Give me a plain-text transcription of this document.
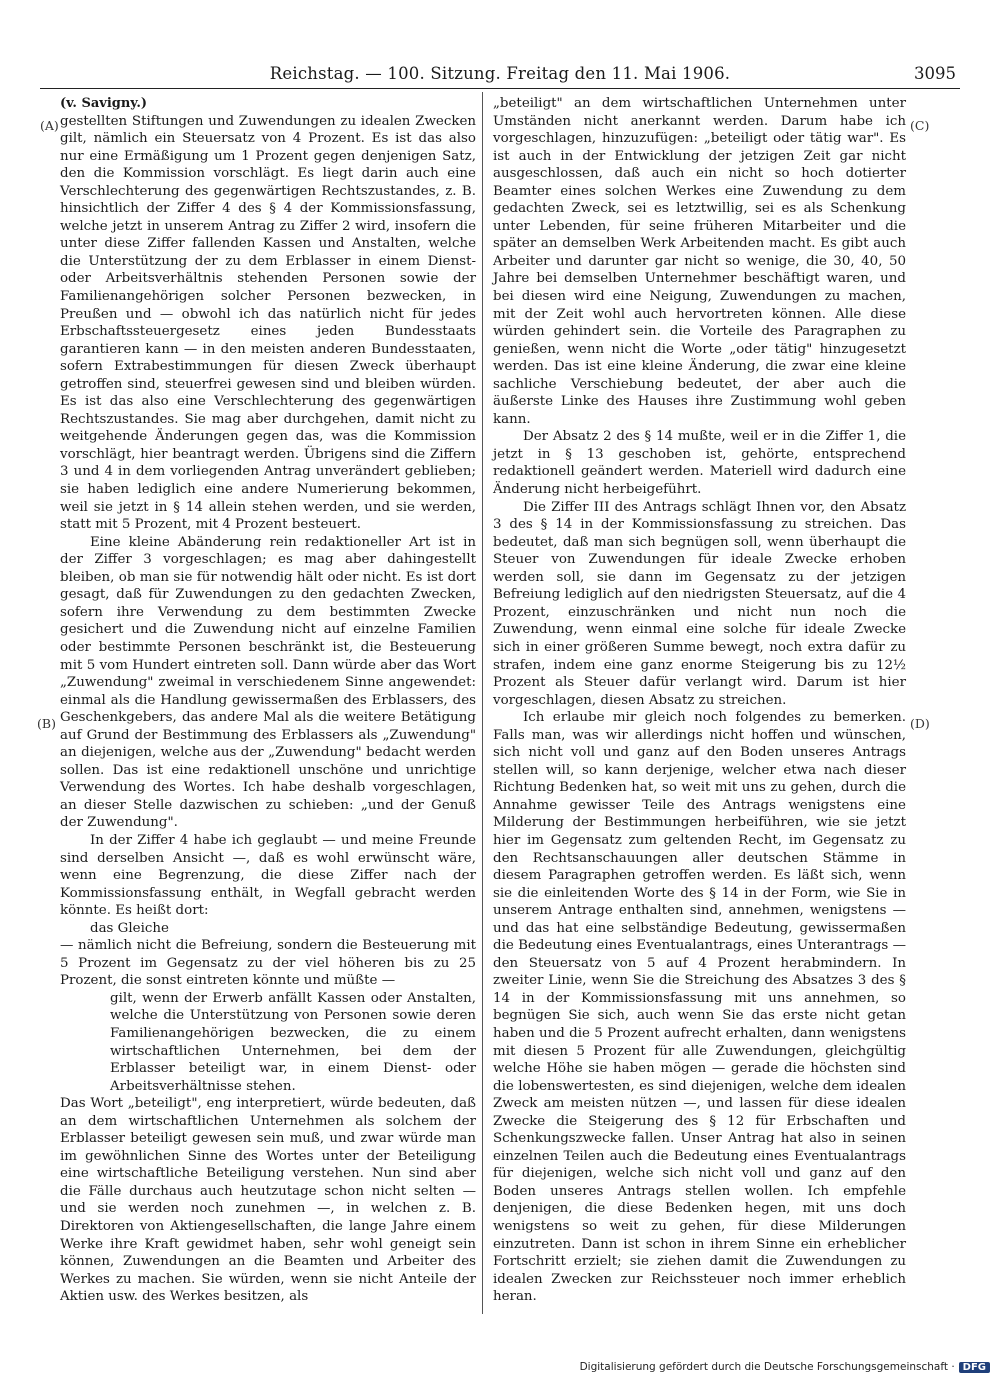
Reichstag. — 100. Sitzung. Freitag den 11. Mai 1906.	3095
(A)
(B)
(C)
(D)

(v. Savigny.)

gestellten Stiftungen und Zuwendungen zu idealen Zwecken gilt, nämlich ein Steuersatz von 4 Prozent. Es ist das also nur eine Ermäßigung um 1 Prozent gegen denjenigen Satz, den die Kommission vorschlägt. Es liegt darin auch eine Verschlechterung des gegenwärtigen Rechtszustandes, z. B. hinsichtlich der Ziffer 4 des § 4 der Kommissionsfassung, welche jetzt in unserem Antrag zu Ziffer 2 wird, insofern die unter diese Ziffer fallenden Kassen und Anstalten, welche die Unterstützung der zu dem Erblasser in einem Dienst- oder Arbeitsverhältnis stehenden Personen sowie der Familienangehörigen solcher Personen bezwecken, in Preußen und — obwohl ich das natürlich nicht für jedes Erbschaftssteuergesetz eines jeden Bundesstaats garantieren kann — in den meisten anderen Bundesstaaten, sofern Extrabestimmungen für diesen Zweck überhaupt getroffen sind, steuerfrei gewesen sind und bleiben würden. Es ist das also eine Verschlechterung des gegenwärtigen Rechtszustandes. Sie mag aber durchgehen, damit nicht zu weitgehende Änderungen gegen das, was die Kommission vorschlägt, hier beantragt werden. Übrigens sind die Ziffern 3 und 4 in dem vorliegenden Antrag unverändert geblieben; sie haben lediglich eine andere Numerierung bekommen, weil sie jetzt in § 14 allein stehen werden, und sie werden, statt mit 5 Prozent, mit 4 Prozent besteuert.

Eine kleine Abänderung rein redaktioneller Art ist in der Ziffer 3 vorgeschlagen; es mag aber dahingestellt bleiben, ob man sie für notwendig hält oder nicht. Es ist dort gesagt, daß für Zuwendungen zu den gedachten Zwecken, sofern ihre Verwendung zu dem bestimmten Zwecke gesichert und die Zuwendung nicht auf einzelne Familien oder bestimmte Personen beschränkt ist, die Besteuerung mit 5 vom Hundert eintreten soll. Dann würde aber das Wort „Zuwendung" zweimal in verschiedenem Sinne angewendet: einmal als die Handlung gewissermaßen des Erblassers, des Geschenkgebers, das andere Mal als die weitere Betätigung auf Grund der Bestimmung des Erblassers als „Zuwendung" an diejenigen, welche aus der „Zuwendung" bedacht werden sollen. Das ist eine redaktionell unschöne und unrichtige Verwendung des Wortes. Ich habe deshalb vorgeschlagen, an dieser Stelle dazwischen zu schieben: „und der Genuß der Zuwendung".

In der Ziffer 4 habe ich geglaubt — und meine Freunde sind derselben Ansicht —, daß es wohl erwünscht wäre, wenn eine Begrenzung, die diese Ziffer nach der Kommissionsfassung enthält, in Wegfall gebracht werden könnte. Es heißt dort:

das Gleiche

— nämlich nicht die Befreiung, sondern die Besteuerung mit 5 Prozent im Gegensatz zu der viel höheren bis zu 25 Prozent, die sonst eintreten könnte und müßte —

gilt, wenn der Erwerb anfällt Kassen oder Anstalten, welche die Unterstützung von Personen sowie deren Familienangehörigen bezwecken, die zu einem wirtschaftlichen Unternehmen, bei dem der Erblasser beteiligt war, in einem Dienst- oder Arbeitsverhältnisse stehen.

Das Wort „beteiligt", eng interpretiert, würde bedeuten, daß an dem wirtschaftlichen Unternehmen als solchem der Erblasser beteiligt gewesen sein muß, und zwar würde man im gewöhnlichen Sinne des Wortes unter der Beteiligung eine wirtschaftliche Beteiligung verstehen. Nun sind aber die Fälle durchaus auch heutzutage schon nicht selten — und sie werden noch zunehmen —, in welchen z. B. Direktoren von Aktiengesellschaften, die lange Jahre einem Werke ihre Kraft gewidmet haben, sehr wohl geneigt sein können, Zuwendungen an die Beamten und Arbeiter des Werkes zu machen. Sie würden, wenn sie nicht Anteile der Aktien usw. des Werkes besitzen, als

„beteiligt" an dem wirtschaftlichen Unternehmen unter Umständen nicht anerkannt werden. Darum habe ich vorgeschlagen, hinzuzufügen: „beteiligt oder tätig war". Es ist auch in der Entwicklung der jetzigen Zeit gar nicht ausgeschlossen, daß auch ein nicht so hoch dotierter Beamter eines solchen Werkes eine Zuwendung zu dem gedachten Zweck, sei es letztwillig, sei es als Schenkung unter Lebenden, für seine früheren Mitarbeiter und die später an demselben Werk Arbeitenden macht. Es gibt auch Arbeiter und darunter gar nicht so wenige, die 30, 40, 50 Jahre bei demselben Unternehmer beschäftigt waren, und bei diesen wird eine Neigung, Zuwendungen zu machen, mit der Zeit wohl auch hervortreten können. Alle diese würden gehindert sein. die Vorteile des Paragraphen zu genießen, wenn nicht die Worte „oder tätig" hinzugesetzt werden. Das ist eine kleine Änderung, die zwar eine kleine sachliche Verschiebung bedeutet, der aber auch die äußerste Linke des Hauses ihre Zustimmung wohl geben kann.

Der Absatz 2 des § 14 mußte, weil er in die Ziffer 1, die jetzt in § 13 geschoben ist, gehörte, entsprechend redaktionell geändert werden. Materiell wird dadurch eine Änderung nicht herbeigeführt.

Die Ziffer III des Antrags schlägt Ihnen vor, den Absatz 3 des § 14 in der Kommissionsfassung zu streichen. Das bedeutet, daß man sich begnügen soll, wenn überhaupt die Steuer von Zuwendungen für ideale Zwecke erhoben werden soll, sie dann im Gegensatz zu der jetzigen Befreiung lediglich auf den niedrigsten Steuersatz, auf die 4 Prozent, einzuschränken und nicht nun noch die Zuwendung, wenn einmal eine solche für ideale Zwecke sich in einer größeren Summe bewegt, noch extra dafür zu strafen, indem eine ganz enorme Steigerung bis zu 12½ Prozent als Steuer dafür verlangt wird. Darum ist hier vorgeschlagen, diesen Absatz zu streichen.

Ich erlaube mir gleich noch folgendes zu bemerken. Falls man, was wir allerdings nicht hoffen und wünschen, sich nicht voll und ganz auf den Boden unseres Antrags stellen will, so kann derjenige, welcher etwa nach dieser Richtung Bedenken hat, so weit mit uns zu gehen, durch die Annahme gewisser Teile des Antrags wenigstens eine Milderung der Bestimmungen herbeiführen, wie sie jetzt hier im Gegensatz zum geltenden Recht, im Gegensatz zu den Rechtsanschauungen aller deutschen Stämme in diesem Paragraphen getroffen werden. Es läßt sich, wenn sie die einleitenden Worte des § 14 in der Form, wie Sie in unserem Antrage enthalten sind, annehmen, wenigstens — und das hat eine selbständige Bedeutung, gewissermaßen die Bedeutung eines Eventualantrags, eines Unterantrags — den Steuersatz von 5 auf 4 Prozent herabmindern. In zweiter Linie, wenn Sie die Streichung des Absatzes 3 des § 14 in der Kommissionsfassung mit uns annehmen, so begnügen Sie sich, auch wenn Sie das erste nicht getan haben und die 5 Prozent aufrecht erhalten, dann wenigstens mit diesen 5 Prozent für alle Zuwendungen, gleichgültig welche Höhe sie haben mögen — gerade die höchsten sind die lobenswertesten, es sind diejenigen, welche dem idealen Zweck am meisten nützen —, und lassen für diese idealen Zwecke die Steigerung des § 12 für Erbschaften und Schenkungszwecke fallen. Unser Antrag hat also in seinen einzelnen Teilen auch die Bedeutung eines Eventualantrags für diejenigen, welche sich nicht voll und ganz auf den Boden unseres Antrags stellen wollen. Ich empfehle denjenigen, die diese Bedenken hegen, mit uns doch wenigstens so weit zu gehen, für diese Milderungen einzutreten. Dann ist schon in ihrem Sinne ein erheblicher Fortschritt erzielt; sie ziehen damit die Zuwendungen zu idealen Zwecken zur Reichssteuer noch immer erheblich heran.

Digitalisierung gefördert durch die Deutsche Forschungsgemeinschaft · DFG
